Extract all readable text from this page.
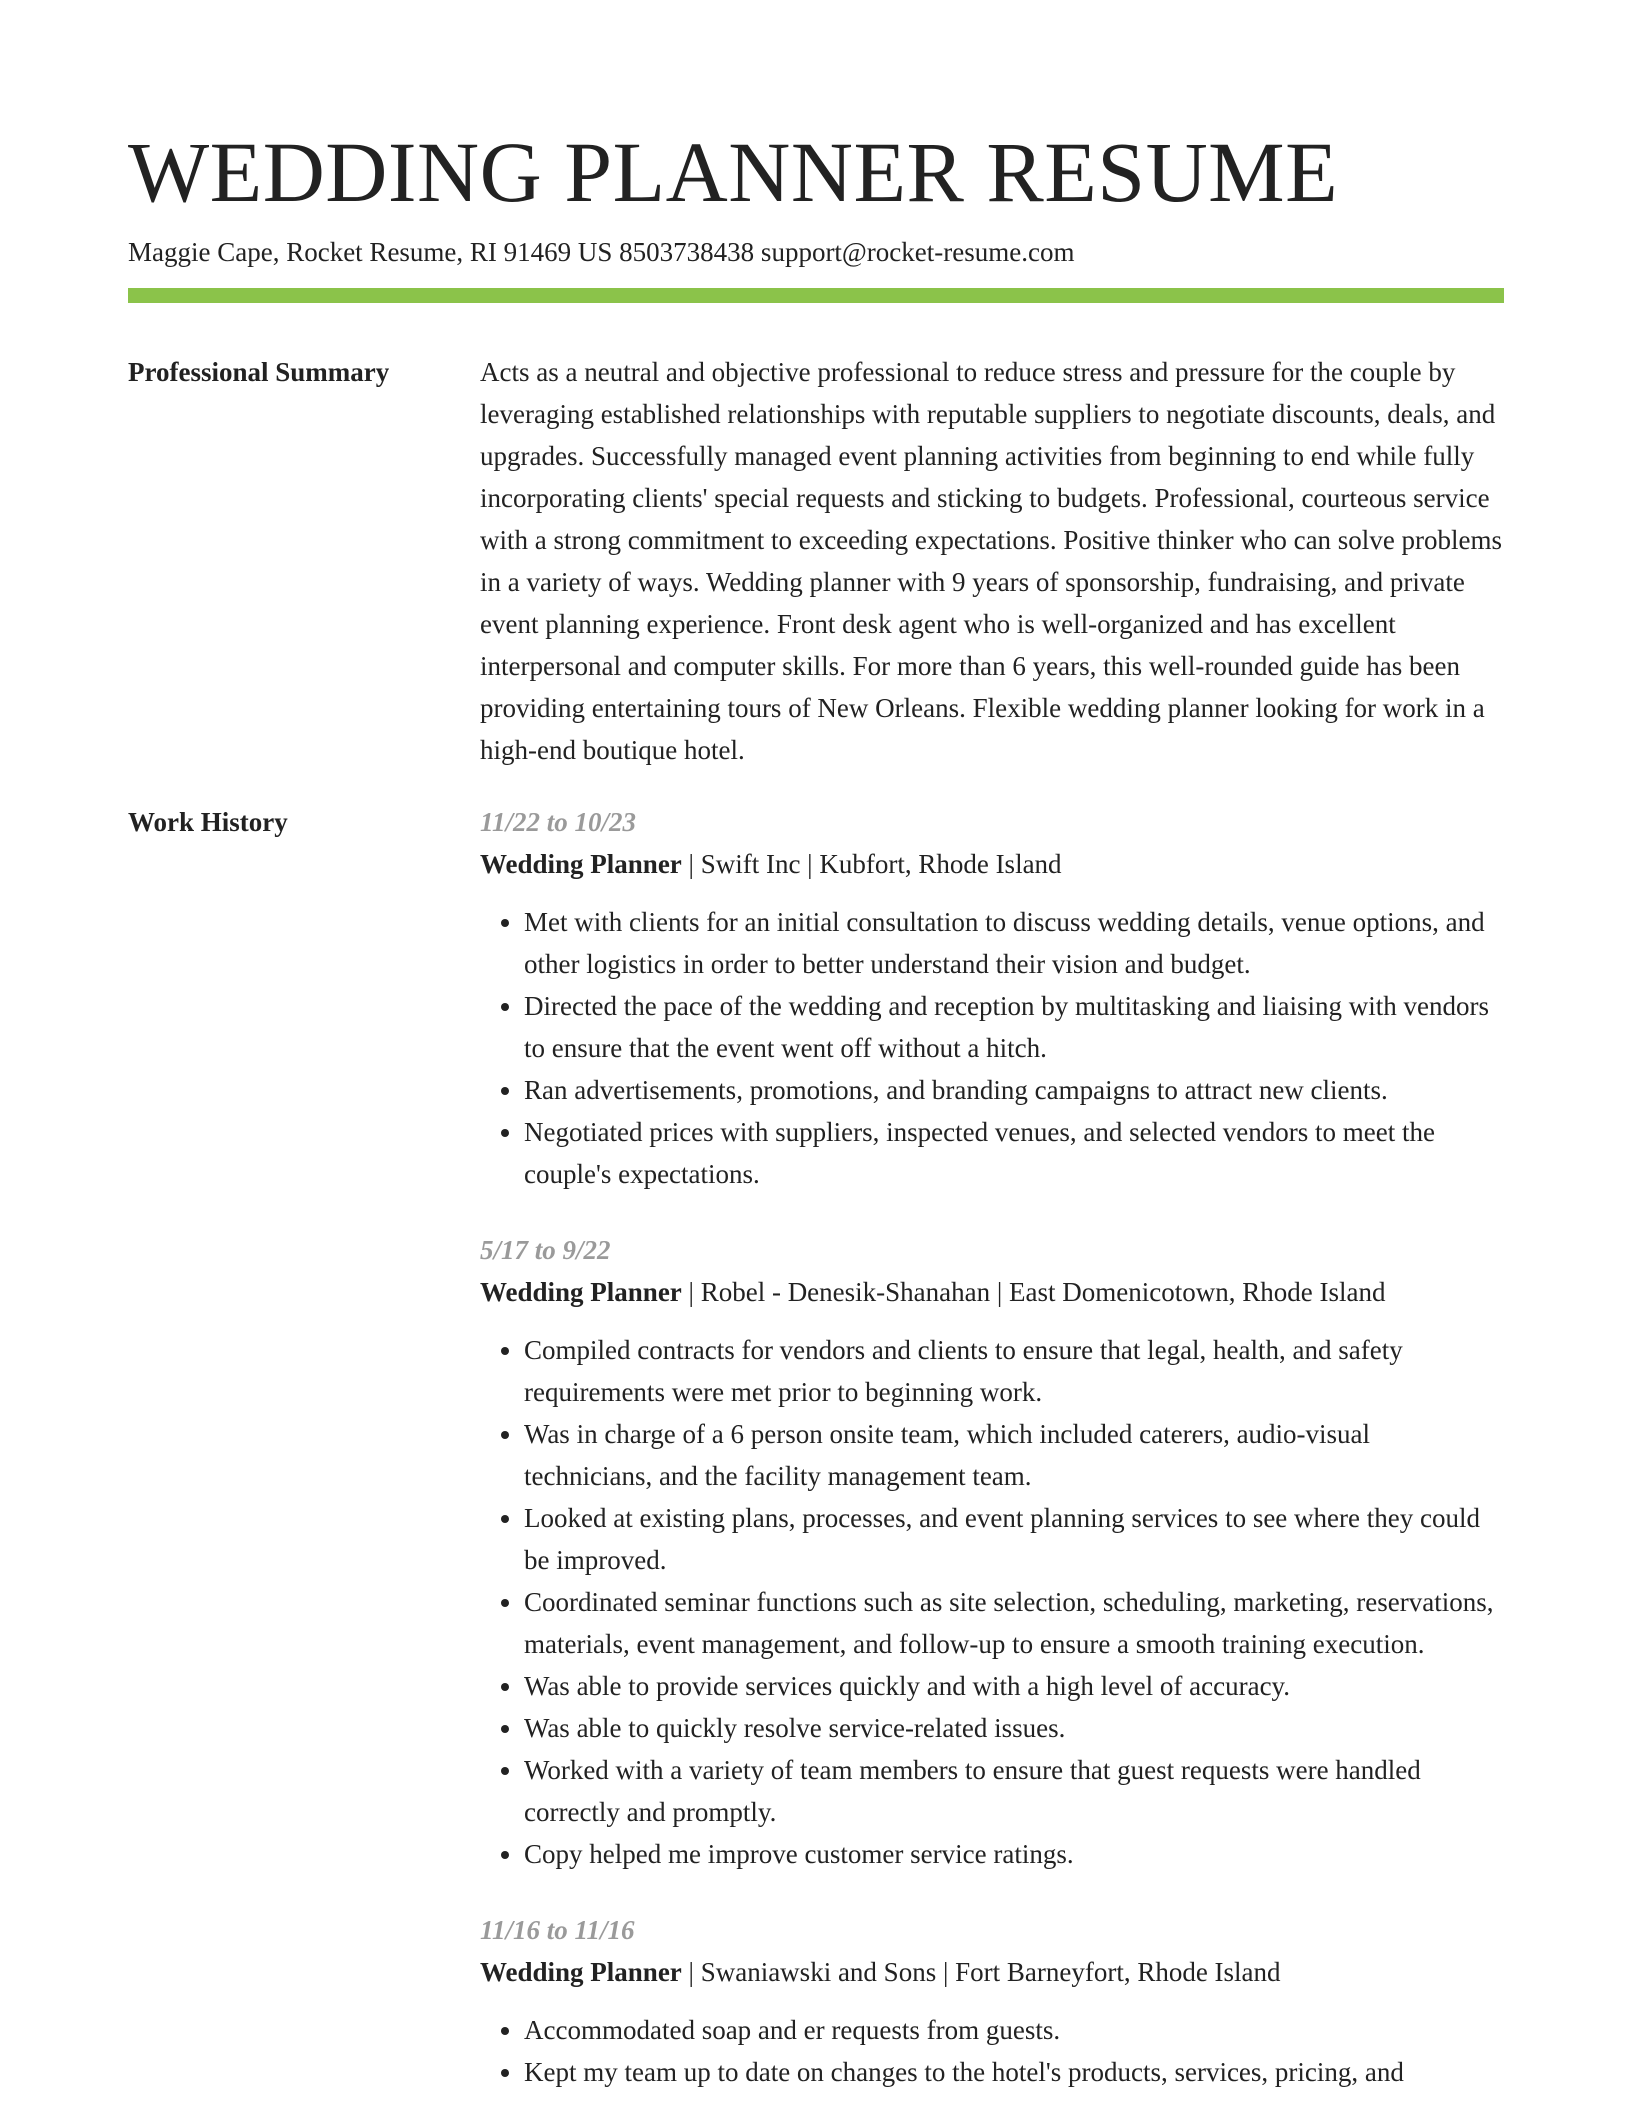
WEDDING PLANNER RESUME
Maggie Cape, Rocket Resume, RI 91469 US 8503738438 support@rocket-resume.com
Professional Summary	Acts as a neutral and objective professional to reduce stress and pressure for the couple by leveraging established relationships with reputable suppliers to negotiate discounts, deals, and upgrades. Successfully managed event planning activities from beginning to end while fully incorporating clients' special requests and sticking to budgets. Professional, courteous service with a strong commitment to exceeding expectations. Positive thinker who can solve problems in a variety of ways. Wedding planner with 9 years of sponsorship, fundraising, and private event planning experience. Front desk agent who is well-organized and has excellent interpersonal and computer skills. For more than 6 years, this well-rounded guide has been providing entertaining tours of New Orleans. Flexible wedding planner looking for work in a high-end boutique hotel.

Work History	11/22 to 10/23
Wedding Planner | Swift Inc | Kubfort, Rhode Island
• Met with clients for an initial consultation to discuss wedding details, venue options, and other logistics in order to better understand their vision and budget.
• Directed the pace of the wedding and reception by multitasking and liaising with vendors to ensure that the event went off without a hitch.
• Ran advertisements, promotions, and branding campaigns to attract new clients.
• Negotiated prices with suppliers, inspected venues, and selected vendors to meet the couple's expectations.
5/17 to 9/22
Wedding Planner | Robel - Denesik-Shanahan | East Domenicotown, Rhode Island
• Compiled contracts for vendors and clients to ensure that legal, health, and safety requirements were met prior to beginning work.
• Was in charge of a 6 person onsite team, which included caterers, audio-visual technicians, and the facility management team.
• Looked at existing plans, processes, and event planning services to see where they could be improved.
• Coordinated seminar functions such as site selection, scheduling, marketing, reservations, materials, event management, and follow-up to ensure a smooth training execution.
• Was able to provide services quickly and with a high level of accuracy.
• Was able to quickly resolve service-related issues.
• Worked with a variety of team members to ensure that guest requests were handled correctly and promptly.
• Copy helped me improve customer service ratings.
11/16 to 11/16
Wedding Planner | Swaniawski and Sons | Fort Barneyfort, Rhode Island
• Accommodated soap and er requests from guests.
• Kept my team up to date on changes to the hotel's products, services, pricing, and
